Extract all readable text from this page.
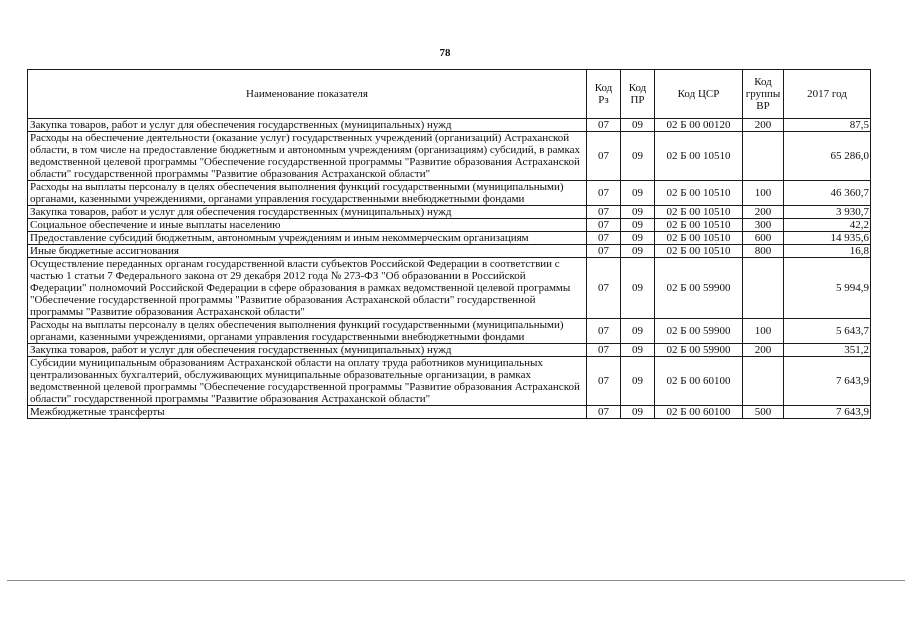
78
Наименование показателя	Код Рз	Код ПР	Код ЦСР	Код группы ВР	2017 год
Закупка товаров, работ и услуг для обеспечения государственных (муниципальных) нужд	07	09	02 Б 00 00120	200	87,5
Расходы на обеспечение деятельности (оказание услуг) государственных учреждений (организаций) Астраханской области, в том числе на предоставление бюджетным и автономным учреждениям (организациям) субсидий, в рамках ведомственной целевой программы "Обеспечение государственной программы "Развитие образования Астраханской области" государственной программы "Развитие образования Астраханской области"	07	09	02 Б 00 10510		65 286,0
Расходы на выплаты персоналу в целях обеспечения выполнения функций государственными (муниципальными) органами, казенными учреждениями, органами управления государственными внебюджетными фондами	07	09	02 Б 00 10510	100	46 360,7
Закупка товаров, работ и услуг для обеспечения государственных (муниципальных) нужд	07	09	02 Б 00 10510	200	3 930,7
Социальное обеспечение и иные выплаты населению	07	09	02 Б 00 10510	300	42,2
Предоставление субсидий бюджетным, автономным учреждениям и иным некоммерческим организациям	07	09	02 Б 00 10510	600	14 935,6
Иные бюджетные ассигнования	07	09	02 Б 00 10510	800	16,8
Осуществление переданных органам государственной власти субъектов Российской Федерации в соответствии с частью 1 статьи 7 Федерального закона от 29 декабря 2012 года № 273-ФЗ "Об образовании в Российской Федерации" полномочий Российской Федерации в сфере образования в рамках ведомственной целевой программы "Обеспечение государственной программы "Развитие образования Астраханской области" государственной программы "Развитие образования Астраханской области"	07	09	02 Б 00 59900		5 994,9
Расходы на выплаты персоналу в целях обеспечения выполнения функций государственными (муниципальными) органами, казенными учреждениями, органами управления государственными внебюджетными фондами	07	09	02 Б 00 59900	100	5 643,7
Закупка товаров, работ и услуг для обеспечения государственных (муниципальных) нужд	07	09	02 Б 00 59900	200	351,2
Субсидии муниципальным образованиям Астраханской области на оплату труда работников муниципальных централизованных бухгалтерий, обслуживающих муниципальные образовательные организации, в рамках ведомственной целевой программы "Обеспечение государственной программы "Развитие образования Астраханской области" государственной программы "Развитие образования Астраханской области"	07	09	02 Б 00 60100		7 643,9
Межбюджетные трансферты	07	09	02 Б 00 60100	500	7 643,9
